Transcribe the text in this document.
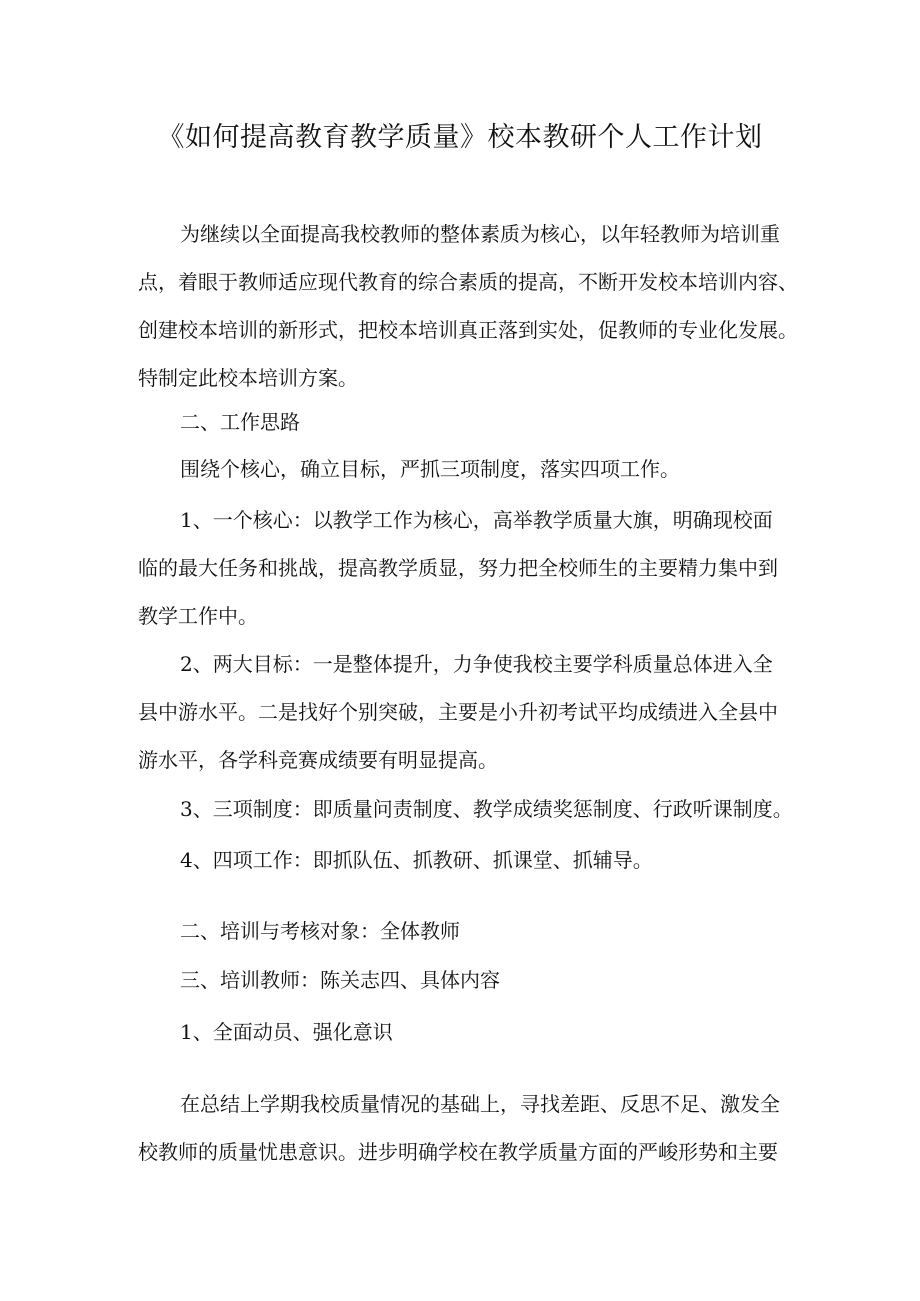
《如何提高教育教学质量》校本教研个人工作计划
为继续以全面提高我校教师的整体素质为核心，以年轻教师为培训重
点，着眼于教师适应现代教育的综合素质的提高，不断开发校本培训内容、
创建校本培训的新形式，把校本培训真正落到实处，促教师的专业化发展。
特制定此校本培训方案。
二、工作思路
围绕个核心，确立目标，严抓三项制度，落实四项工作。
1、一个核心：以教学工作为核心，高举教学质量大旗，明确现校面
临的最大任务和挑战，提高教学质显，努力把全校师生的主要精力集中到
教学工作中。
2、两大目标：一是整体提升，力争使我校主要学科质量总体进入全
县中游水平。二是找好个别突破，主要是小升初考试平均成绩进入全县中
游水平，各学科竞赛成绩要有明显提高。
3、三项制度：即质量问责制度、教学成绩奖惩制度、行政听课制度。
4、四项工作：即抓队伍、抓教研、抓课堂、抓辅导。
二、培训与考核对象：全体教师
三、培训教师：陈关志四、具体内容
1、全面动员、强化意识
在总结上学期我校质量情况的基础上，寻找差距、反思不足、激发全
校教师的质量忧患意识。进步明确学校在教学质量方面的严峻形势和主要
